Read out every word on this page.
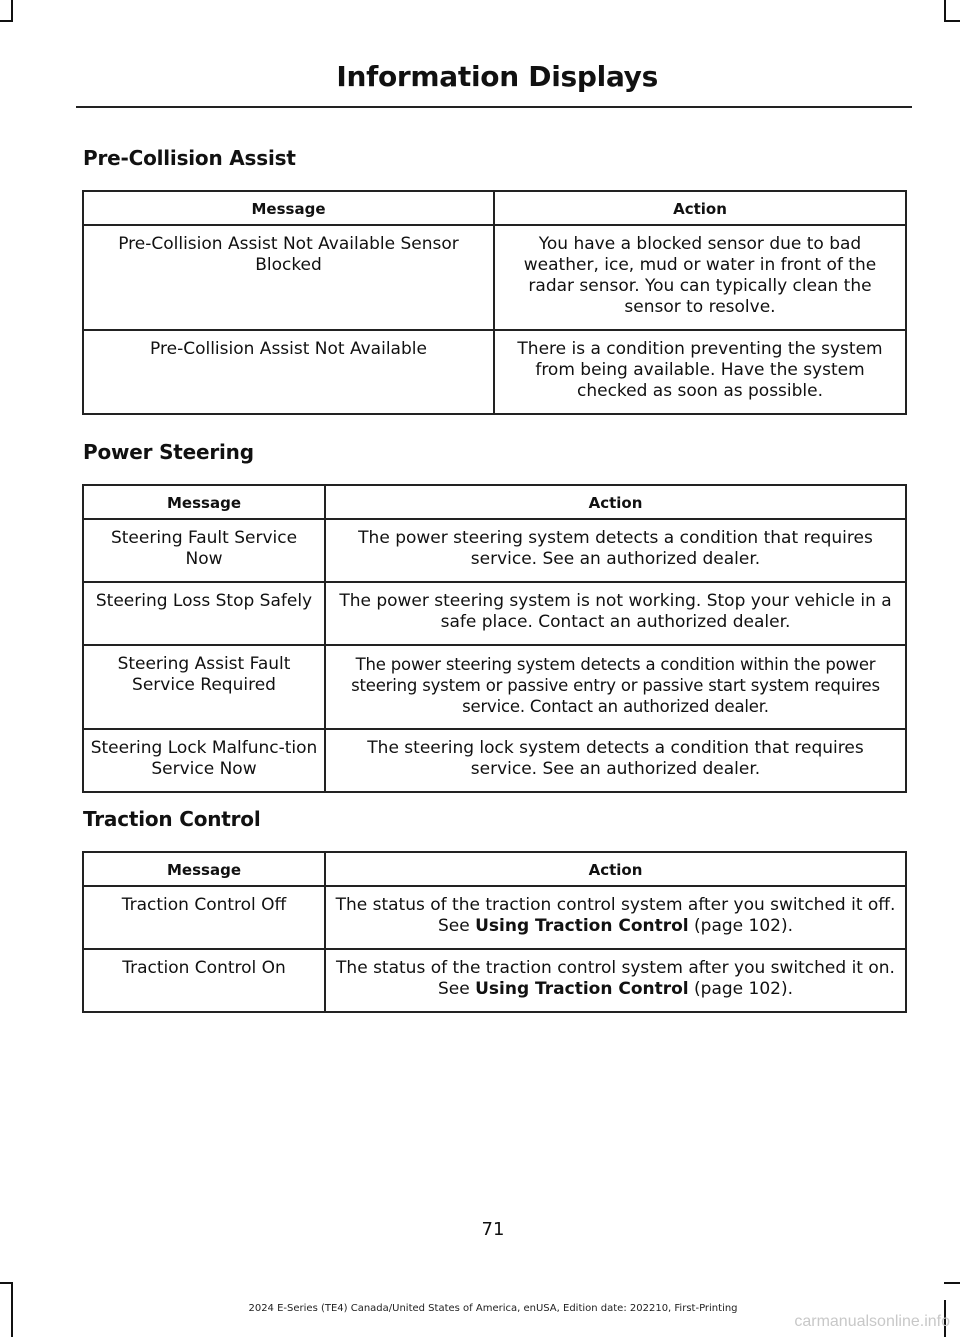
Information Displays
Pre-Collision Assist
Message	Action
Pre-Collision Assist Not Available Sensor Blocked	You have a blocked sensor due to bad weather, ice, mud or water in front of the radar sensor. You can typically clean the sensor to resolve.
Pre-Collision Assist Not Available	There is a condition preventing the system from being available. Have the system checked as soon as possible.
Power Steering
Message	Action
Steering Fault Service Now	The power steering system detects a condition that requires service. See an authorized dealer.
Steering Loss Stop Safely	The power steering system is not working. Stop your vehicle in a safe place. Contact an authorized dealer.
Steering Assist Fault Service Required	The power steering system detects a condition within the power steering system or passive entry or passive start system requires service. Contact an authorized dealer.
Steering Lock Malfunc-tion Service Now	The steering lock system detects a condition that requires service. See an authorized dealer.
Traction Control
Message	Action
Traction Control Off	The status of the traction control system after you switched it off. See Using Traction Control (page 102).
Traction Control On	The status of the traction control system after you switched it on. See Using Traction Control (page 102).
71
2024 E-Series (TE4) Canada/United States of America, enUSA, Edition date: 202210, First-Printing
carmanualsonline.info
